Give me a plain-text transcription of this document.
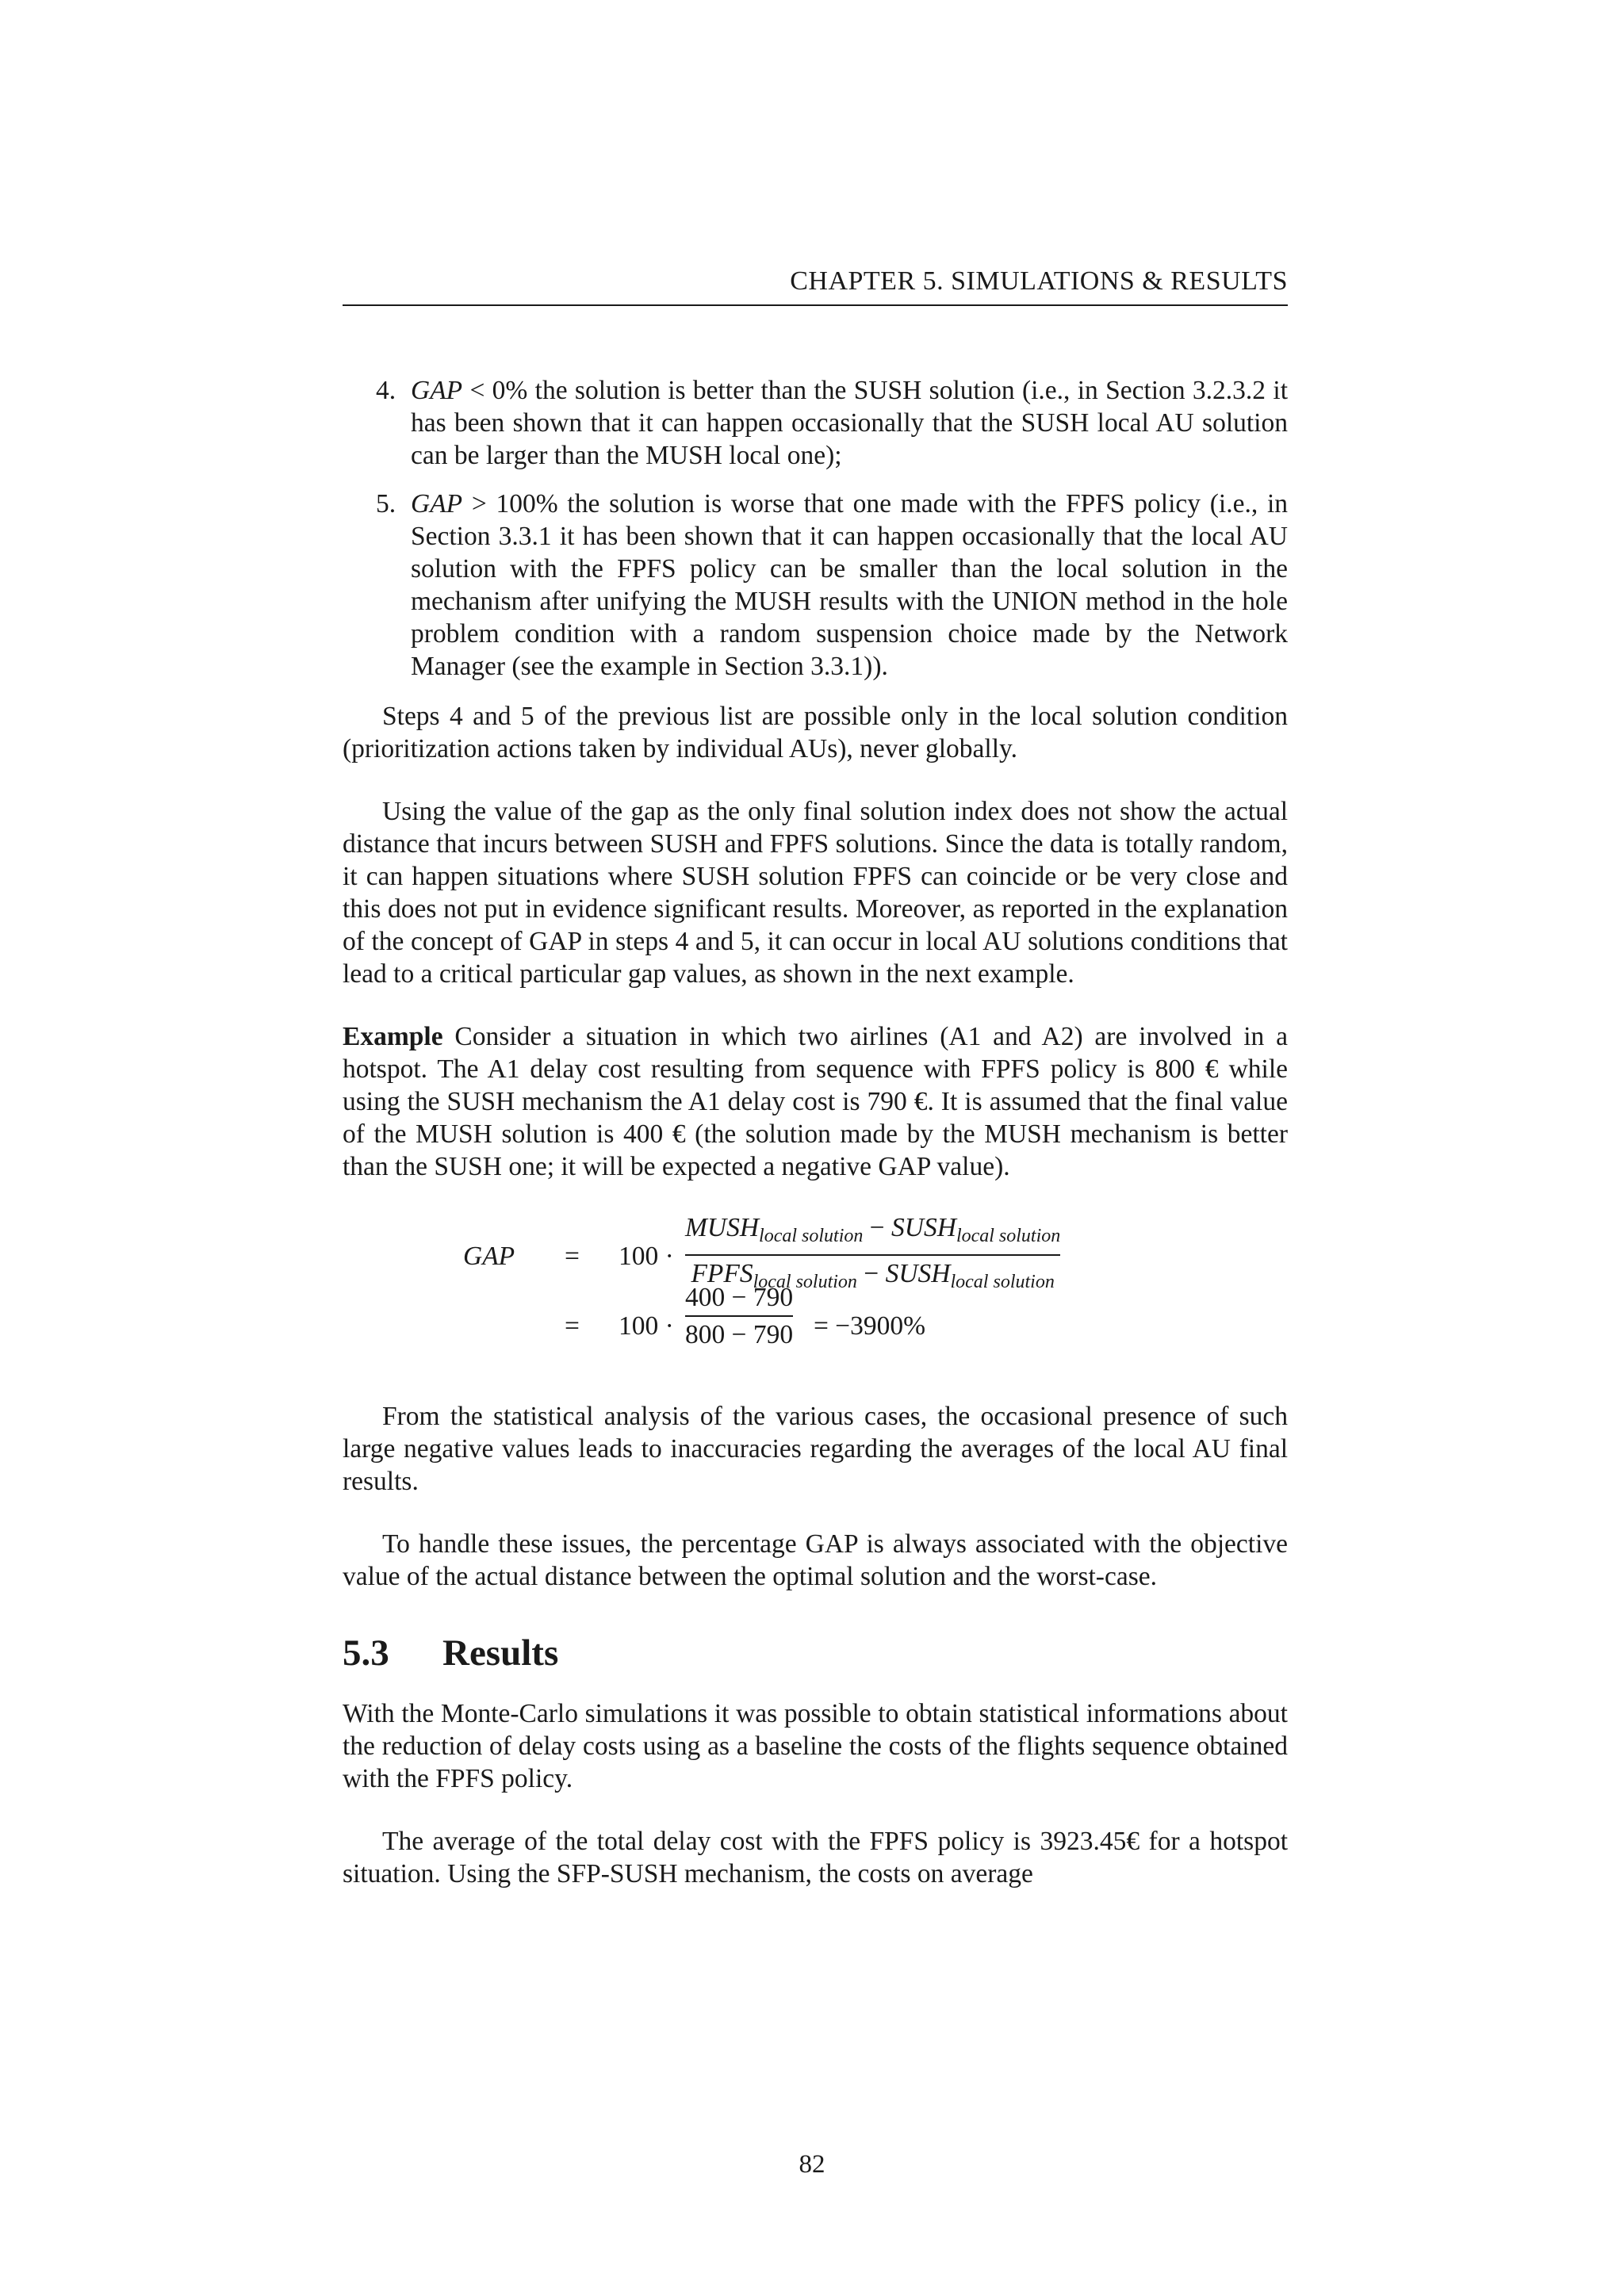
CHAPTER 5. SIMULATIONS & RESULTS
4. GAP < 0% the solution is better than the SUSH solution (i.e., in Section 3.2.3.2 it has been shown that it can happen occasionally that the SUSH local AU solution can be larger than the MUSH local one);
5. GAP > 100% the solution is worse that one made with the FPFS policy (i.e., in Section 3.3.1 it has been shown that it can happen occasionally that the local AU solution with the FPFS policy can be smaller than the local solution in the mechanism after unifying the MUSH results with the UNION method in the hole problem condition with a random suspension choice made by the Network Manager (see the example in Section 3.3.1)).

Steps 4 and 5 of the previous list are possible only in the local solution condition (prioritization actions taken by individual AUs), never globally.

Using the value of the gap as the only final solution index does not show the actual distance that incurs between SUSH and FPFS solutions. Since the data is totally random, it can happen situations where SUSH solution FPFS can coincide or be very close and this does not put in evidence significant results. Moreover, as reported in the explanation of the concept of GAP in steps 4 and 5, it can occur in local AU solutions conditions that lead to a critical particular gap values, as shown in the next example.

Example Consider a situation in which two airlines (A1 and A2) are involved in a hotspot. The A1 delay cost resulting from sequence with FPFS policy is 800 € while using the SUSH mechanism the A1 delay cost is 790 €. It is assumed that the final value of the MUSH solution is 400 € (the solution made by the MUSH mechanism is better than the SUSH one; it will be expected a negative GAP value).

GAP = 100 ·
$MUSH_{local solution}$ − $SUSH_{local solution}$
$FPFS_{local solution}$ − $SUSH_{local solution}$
= 100 ·
400 − 790
800 − 790 = −3900%

From the statistical analysis of the various cases, the occasional presence of such large negative values leads to inaccuracies regarding the averages of the local AU final results.

To handle these issues, the percentage GAP is always associated with the objective value of the actual distance between the optimal solution and the worst-case.

5.3 Results

With the Monte-Carlo simulations it was possible to obtain statistical informations about the reduction of delay costs using as a baseline the costs of the flights sequence obtained with the FPFS policy.

The average of the total delay cost with the FPFS policy is 3923.45€ for a hotspot situation. Using the SFP-SUSH mechanism, the costs on average

82
